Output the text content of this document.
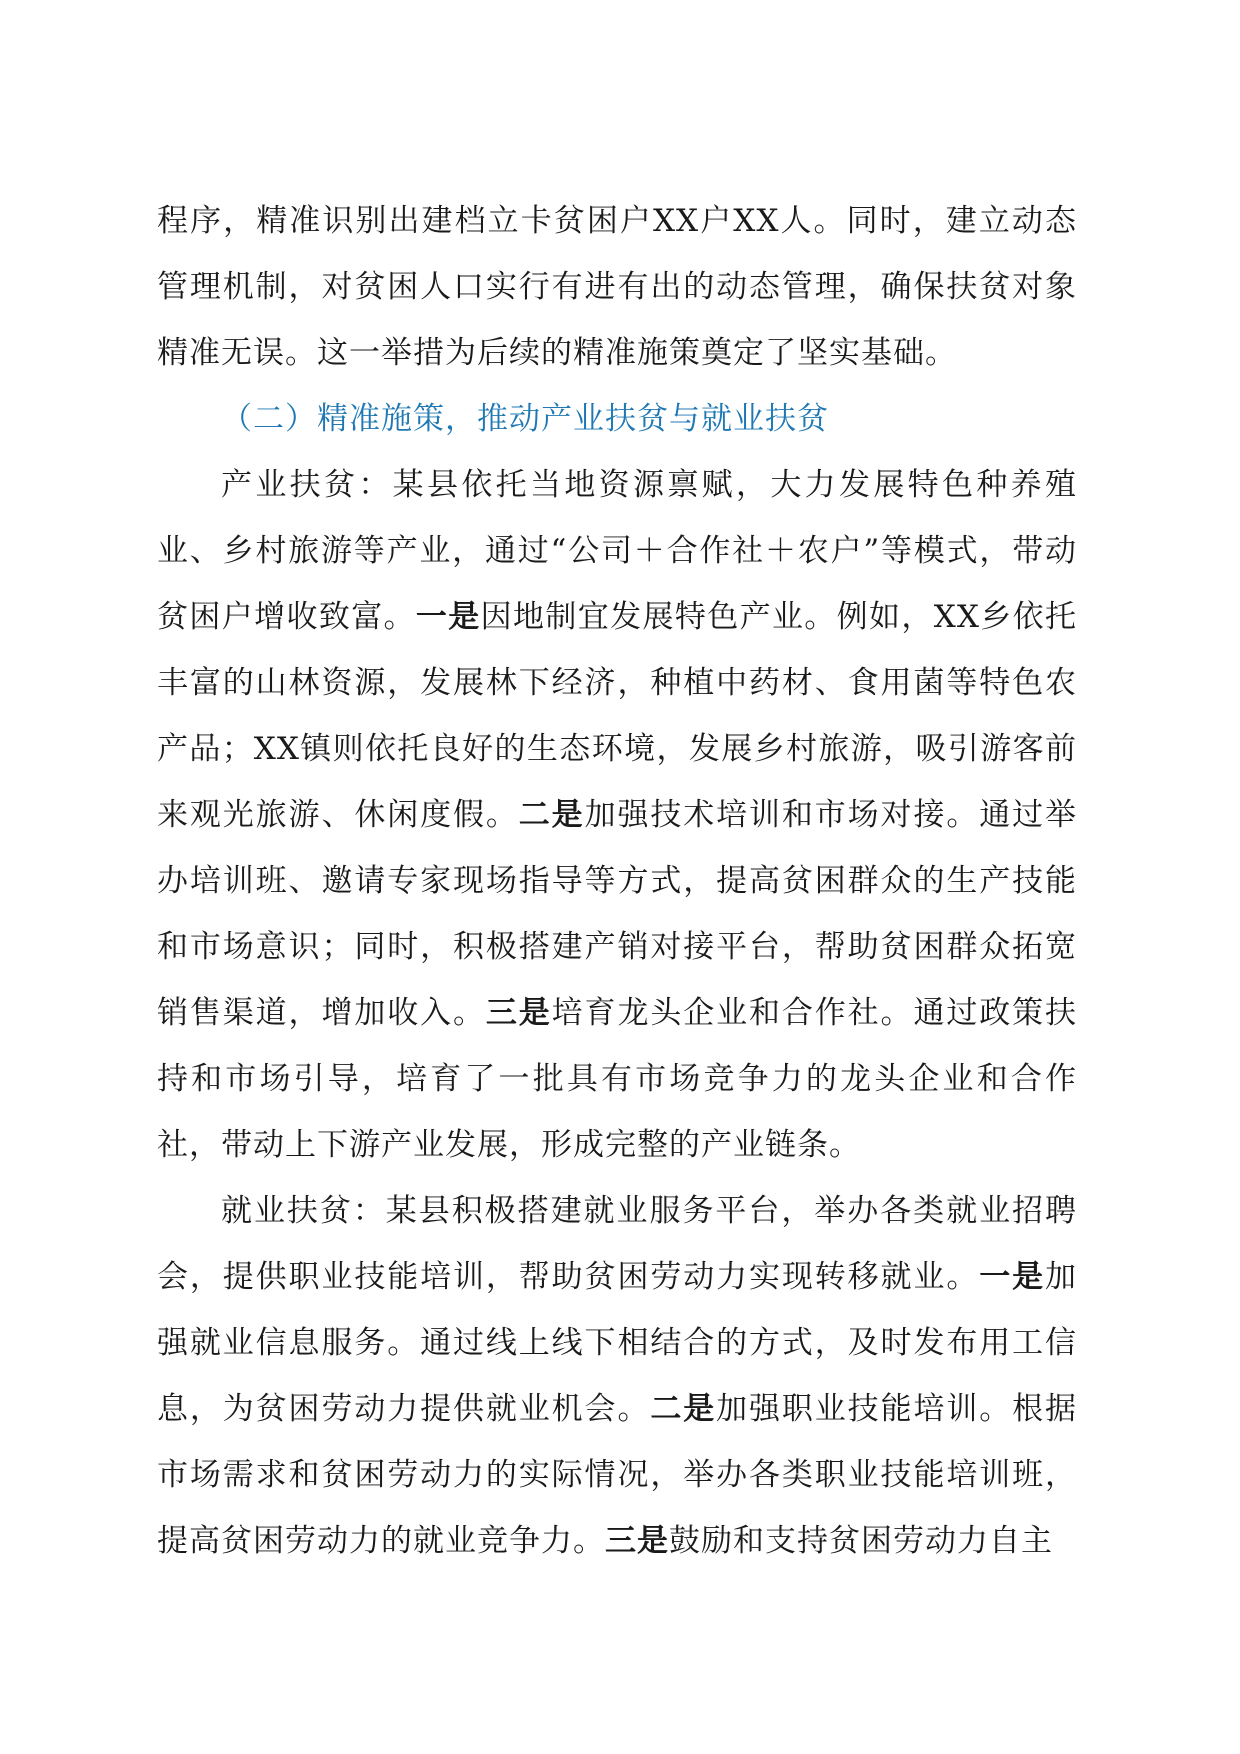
程序，精准识别出建档立卡贫困户XX户XX人。同时，建立动态管理机制，对贫困人口实行有进有出的动态管理，确保扶贫对象精准无误。这一举措为后续的精准施策奠定了坚实基础。

（二）精准施策，推动产业扶贫与就业扶贫

产业扶贫：某县依托当地资源禀赋，大力发展特色种养殖业、乡村旅游等产业，通过“公司＋合作社＋农户”等模式，带动贫困户增收致富。一是因地制宜发展特色产业。例如，XX乡依托丰富的山林资源，发展林下经济，种植中药材、食用菌等特色农产品；XX镇则依托良好的生态环境，发展乡村旅游，吸引游客前来观光旅游、休闲度假。二是加强技术培训和市场对接。通过举办培训班、邀请专家现场指导等方式，提高贫困群众的生产技能和市场意识；同时，积极搭建产销对接平台，帮助贫困群众拓宽销售渠道，增加收入。三是培育龙头企业和合作社。通过政策扶持和市场引导，培育了一批具有市场竞争力的龙头企业和合作社，带动上下游产业发展，形成完整的产业链条。

就业扶贫：某县积极搭建就业服务平台，举办各类就业招聘会，提供职业技能培训，帮助贫困劳动力实现转移就业。一是加强就业信息服务。通过线上线下相结合的方式，及时发布用工信息，为贫困劳动力提供就业机会。二是加强职业技能培训。根据市场需求和贫困劳动力的实际情况，举办各类职业技能培训班，提高贫困劳动力的就业竞争力。三是鼓励和支持贫困劳动力自主
